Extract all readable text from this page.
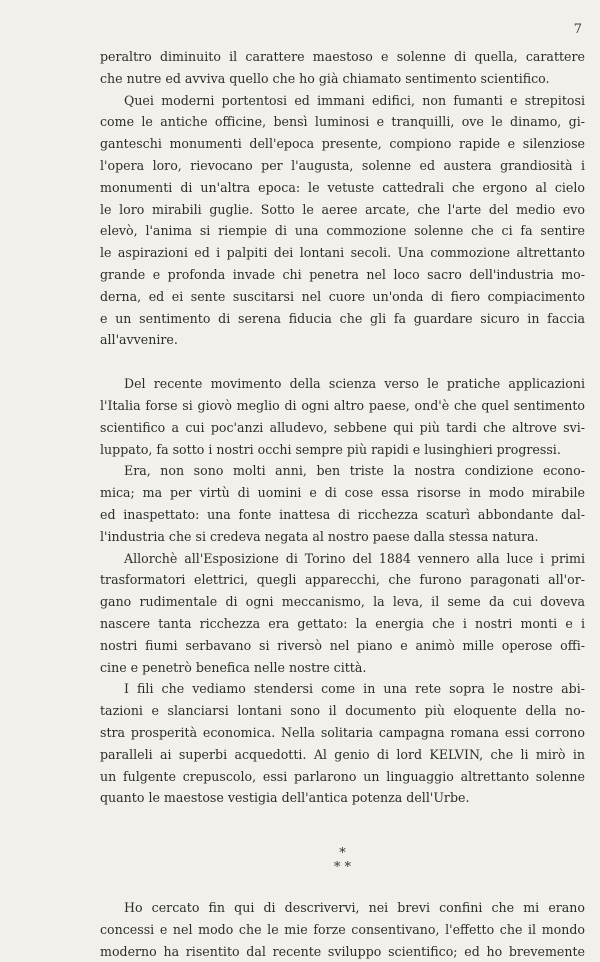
7
peraltro diminuito il carattere maestoso e solenne di quella, carattere
che nutre ed avviva quello che ho già chiamato sentimento scientifico.
Quei moderni portentosi ed immani edifici, non fumanti e strepitosi
come le antiche officine, bensì luminosi e tranquilli, ove le dinamo, gi-
ganteschi monumenti dell'epoca presente, compiono rapide e silenziose
l'opera loro, rievocano per l'augusta, solenne ed austera grandiosità i
monumenti di un'altra epoca: le vetuste cattedrali che ergono al cielo
le loro mirabili guglie. Sotto le aeree arcate, che l'arte del medio evo
elevò, l'anima si riempie di una commozione solenne che ci fa sentire
le aspirazioni ed i palpiti dei lontani secoli. Una commozione altrettanto
grande e profonda invade chi penetra nel loco sacro dell'industria mo-
derna, ed ei sente suscitarsi nel cuore un'onda di fiero compiacimento
e un sentimento di serena fiducia che gli fa guardare sicuro in faccia
all'avvenire.
Del recente movimento della scienza verso le pratiche applicazioni
l'Italia forse si giovò meglio di ogni altro paese, ond'è che quel sentimento
scientifico a cui poc'anzi alludevo, sebbene qui più tardi che altrove svi-
luppato, fa sotto i nostri occhi sempre più rapidi e lusinghieri progressi.
Era, non sono molti anni, ben triste la nostra condizione econo-
mica; ma per virtù di uomini e di cose essa risorse in modo mirabile
ed inaspettato: una fonte inattesa di ricchezza scaturì abbondante dal-
l'industria che si credeva negata al nostro paese dalla stessa natura.
Allorchè all'Esposizione di Torino del 1884 vennero alla luce i primi
trasformatori elettrici, quegli apparecchi, che furono paragonati all'or-
gano rudimentale di ogni meccanismo, la leva, il seme da cui doveva
nascere tanta ricchezza era gettato: la energia che i nostri monti e i
nostri fiumi serbavano si riversò nel piano e animò mille operose offi-
cine e penetrò benefica nelle nostre città.
I fili che vediamo stendersi come in una rete sopra le nostre abi-
tazioni e slanciarsi lontani sono il documento più eloquente della no-
stra prosperità economica. Nella solitaria campagna romana essi corrono
paralleli ai superbi acquedotti. Al genio di lord KELVIN, che li mirò in
un fulgente crepuscolo, essi parlarono un linguaggio altrettanto solenne
quanto le maestose vestigia dell'antica potenza dell'Urbe.
*
* *
Ho cercato fin qui di descrivervi, nei brevi confini che mi erano
concessi e nel modo che le mie forze consentivano, l'effetto che il mondo
moderno ha risentito dal recente sviluppo scientifico; ed ho brevemente
